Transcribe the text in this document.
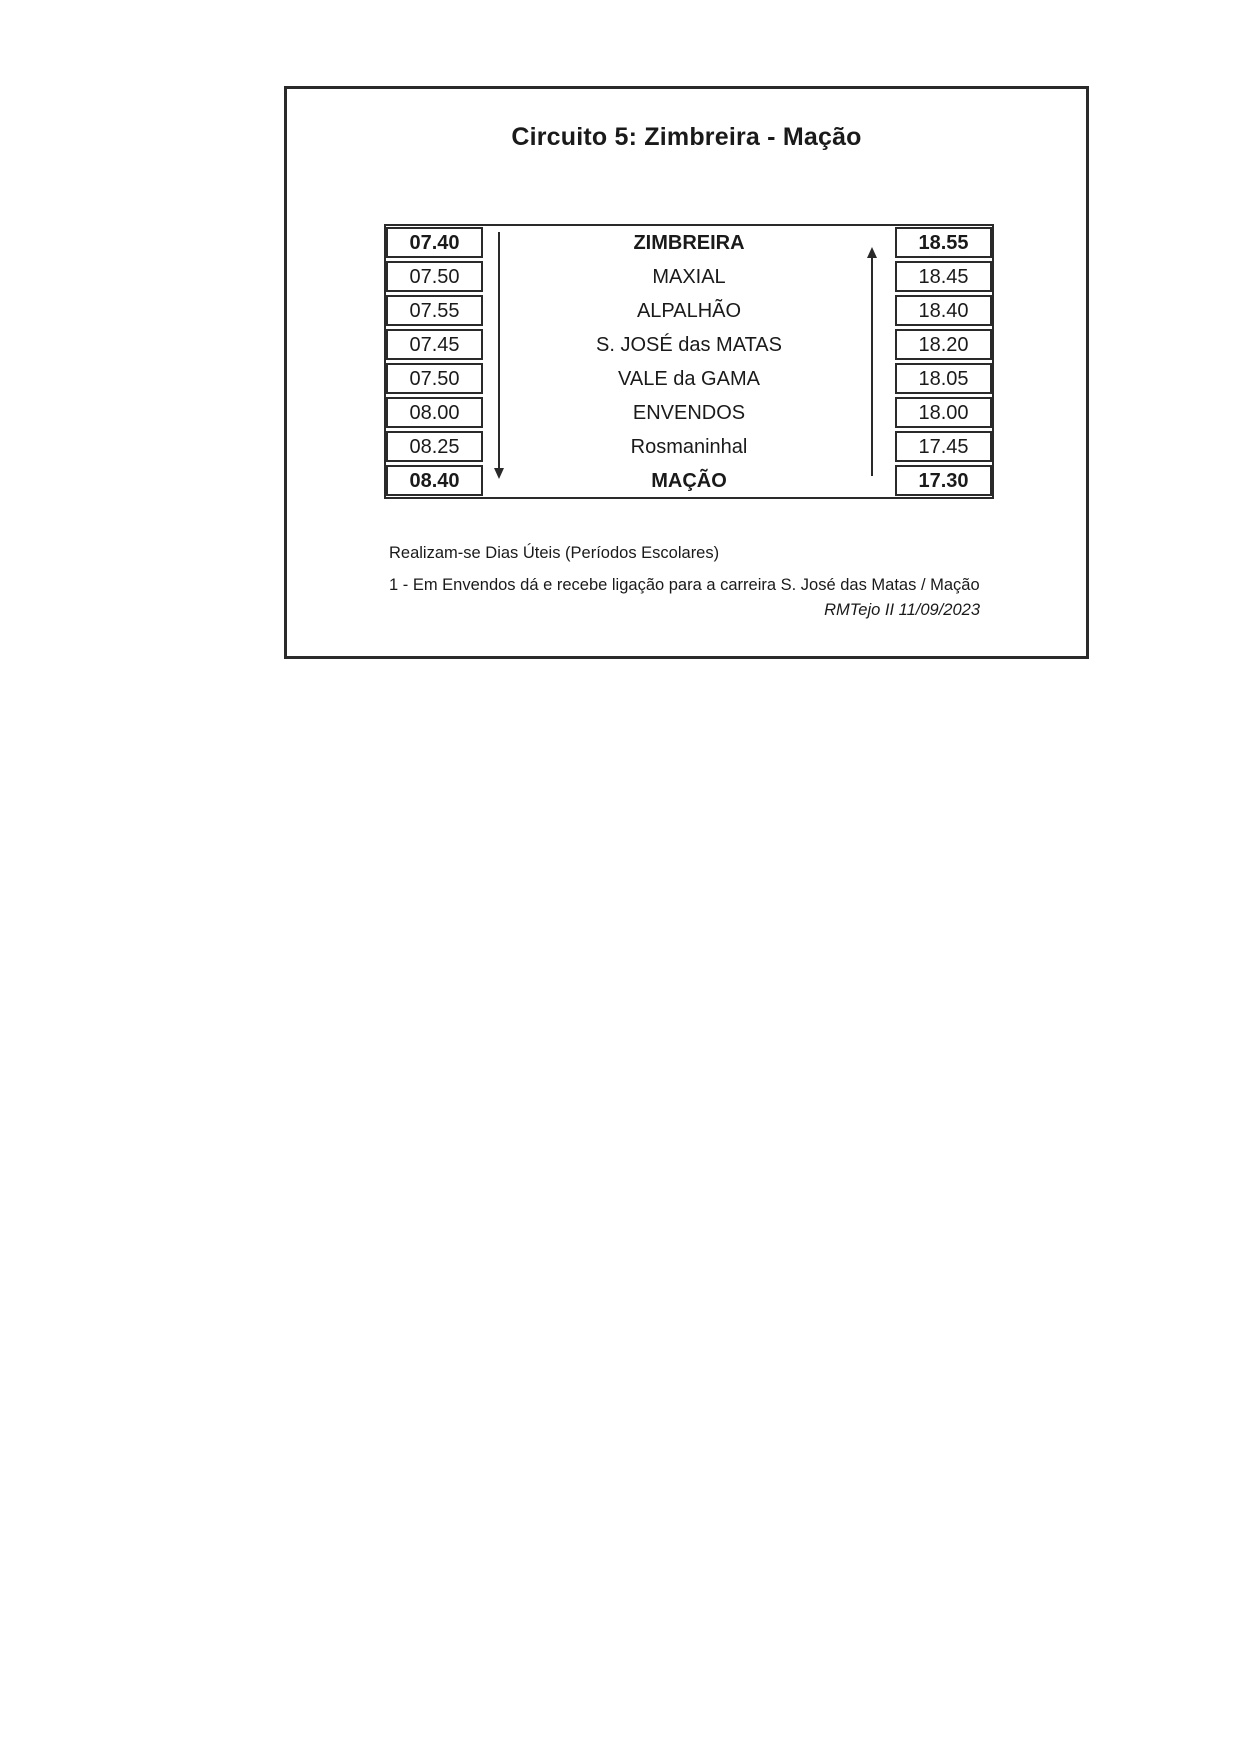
Circuito 5: Zimbreira - Mação
07.40
07.50
07.55
07.45
07.50
08.00
08.25
08.40
ZIMBREIRA
MAXIAL
ALPALHÃO
S. JOSÉ das MATAS
VALE da GAMA
ENVENDOS
Rosmaninhal
MAÇÃO
18.55
18.45
18.40
18.20
18.05
18.00
17.45
17.30
Realizam-se Dias Úteis (Períodos Escolares)
1 - Em Envendos dá e recebe ligação para a carreira S. José das Matas / Mação
RMTejo II 11/09/2023
